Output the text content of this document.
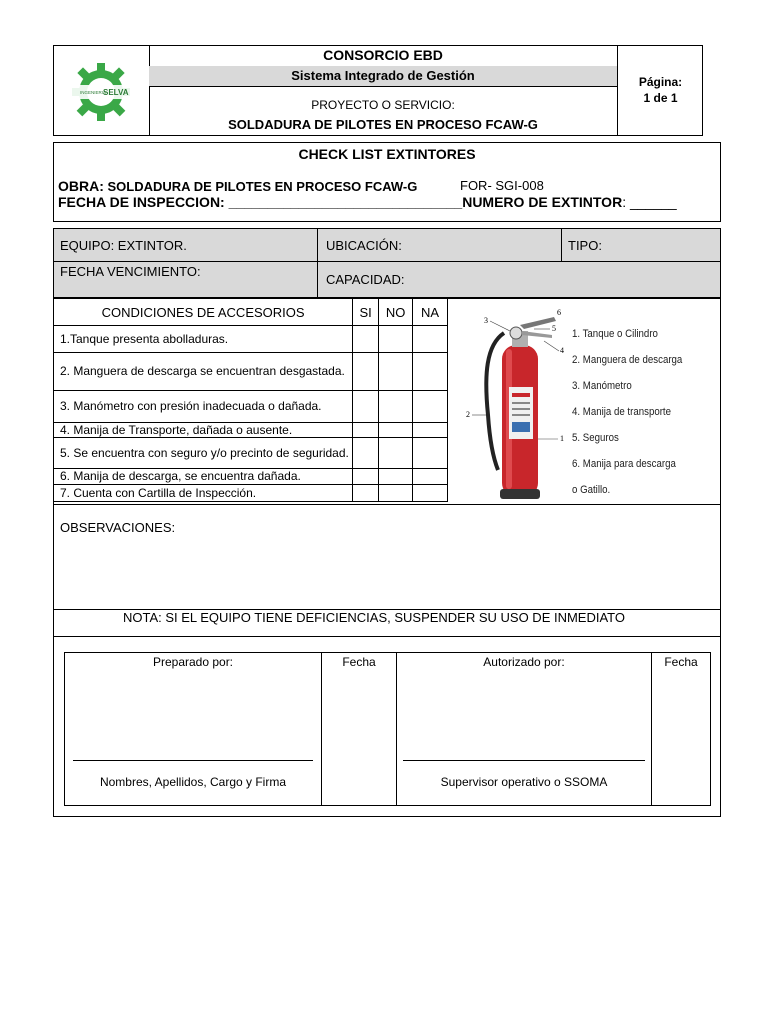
INGENIERIA
SELVA
CONSORCIO EBD
Sistema Integrado de Gestión
PROYECTO O SERVICIO:
SOLDADURA DE PILOTES EN PROCESO FCAW-G
Página:
1 de 1
CHECK LIST EXTINTORES
OBRA: SOLDADURA DE PILOTES EN PROCESO FCAW-G	FOR- SGI-008
FECHA DE INSPECCION: ______________________________NUMERO DE EXTINTOR: ______
EQUIPO: EXTINTOR.	UBICACIÓN:	TIPO:
FECHA VENCIMIENTO:
CAPACIDAD:
CONDICIONES DE ACCESORIOS	SI	NO	NA
1.Tanque presenta abolladuras.			
2. Manguera de descarga se encuentran desgastada.			
3. Manómetro con presión inadecuada o dañada.			
4. Manija de Transporte, dañada o ausente.			
5. Se encuentra con seguro y/o precinto de seguridad.			
6. Manija de descarga, se encuentra dañada.			
7. Cuenta con Cartilla de Inspección.			
6
3
5
4
2
1
1. Tanque o Cilindro
2. Manguera de descarga
3. Manómetro
4. Manija de transporte
5. Seguros
6. Manija para descarga
o Gatillo.
OBSERVACIONES:
NOTA: SI EL EQUIPO TIENE DEFICIENCIAS, SUSPENDER SU USO DE INMEDIATO
Preparado por:	Fecha	Autorizado por:	Fecha
Nombres, Apellidos, Cargo y Firma	Supervisor operativo o SSOMA
